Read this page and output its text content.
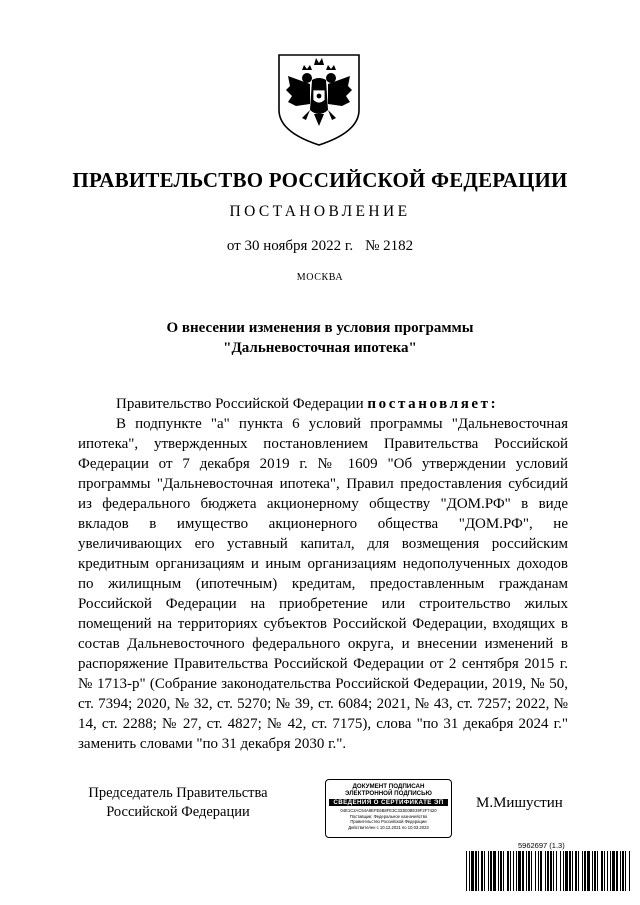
ПРАВИТЕЛЬСТВО РОССИЙСКОЙ ФЕДЕРАЦИИ
ПОСТАНОВЛЕНИЕ
от 30 ноября 2022 г. № 2182
МОСКВА
О внесении изменения в условия программы
"Дальневосточная ипотека"
Правительство Российской Федерации постановляет:
В подпункте "а" пункта 6 условий программы "Дальневосточная ипотека", утвержденных постановлением Правительства Российской Федерации от 7 декабря 2019 г. № 1609 "Об утверждении условий программы "Дальневосточная ипотека", Правил предоставления субсидий из федерального бюджета акционерному обществу "ДОМ.РФ" в виде вкладов в имущество акционерного общества "ДОМ.РФ", не увеличивающих его уставный капитал, для возмещения российским кредитным организациям и иным организациям недополученных доходов по жилищным (ипотечным) кредитам, предоставленным гражданам Российской Федерации на приобретение или строительство жилых помещений на территориях субъектов Российской Федерации, входящих в состав Дальневосточного федерального округа, и внесении изменений в распоряжение Правительства Российской Федерации от 2 сентября 2015 г. № 1713-р" (Собрание законодательства Российской Федерации, 2019, № 50, ст. 7394; 2020, № 32, ст. 5270; № 39, ст. 6084; 2021, № 43, ст. 7257; 2022, № 14, ст. 2288; № 27, ст. 4827; № 42, ст. 7175), слова "по 31 декабря 2024 г." заменить словами "по 31 декабря 2030 г.".
Председатель Правительства
Российской Федерации
ДОКУМЕНТ ПОДПИСАН
ЭЛЕКТРОННОЙ ПОДПИСЬЮ
СВЕДЕНИЯ О СЕРТИФИКАТЕ ЭП
04E1C2AC54A8EFE6B8FE3C333E0BE39F2F7420
Поставщик: Федеральное казначейство
Правительство Российской Федерации
Действителен с 10.12.2021 по 10.03.2023
М.Мишустин
5962697 (1.3)
